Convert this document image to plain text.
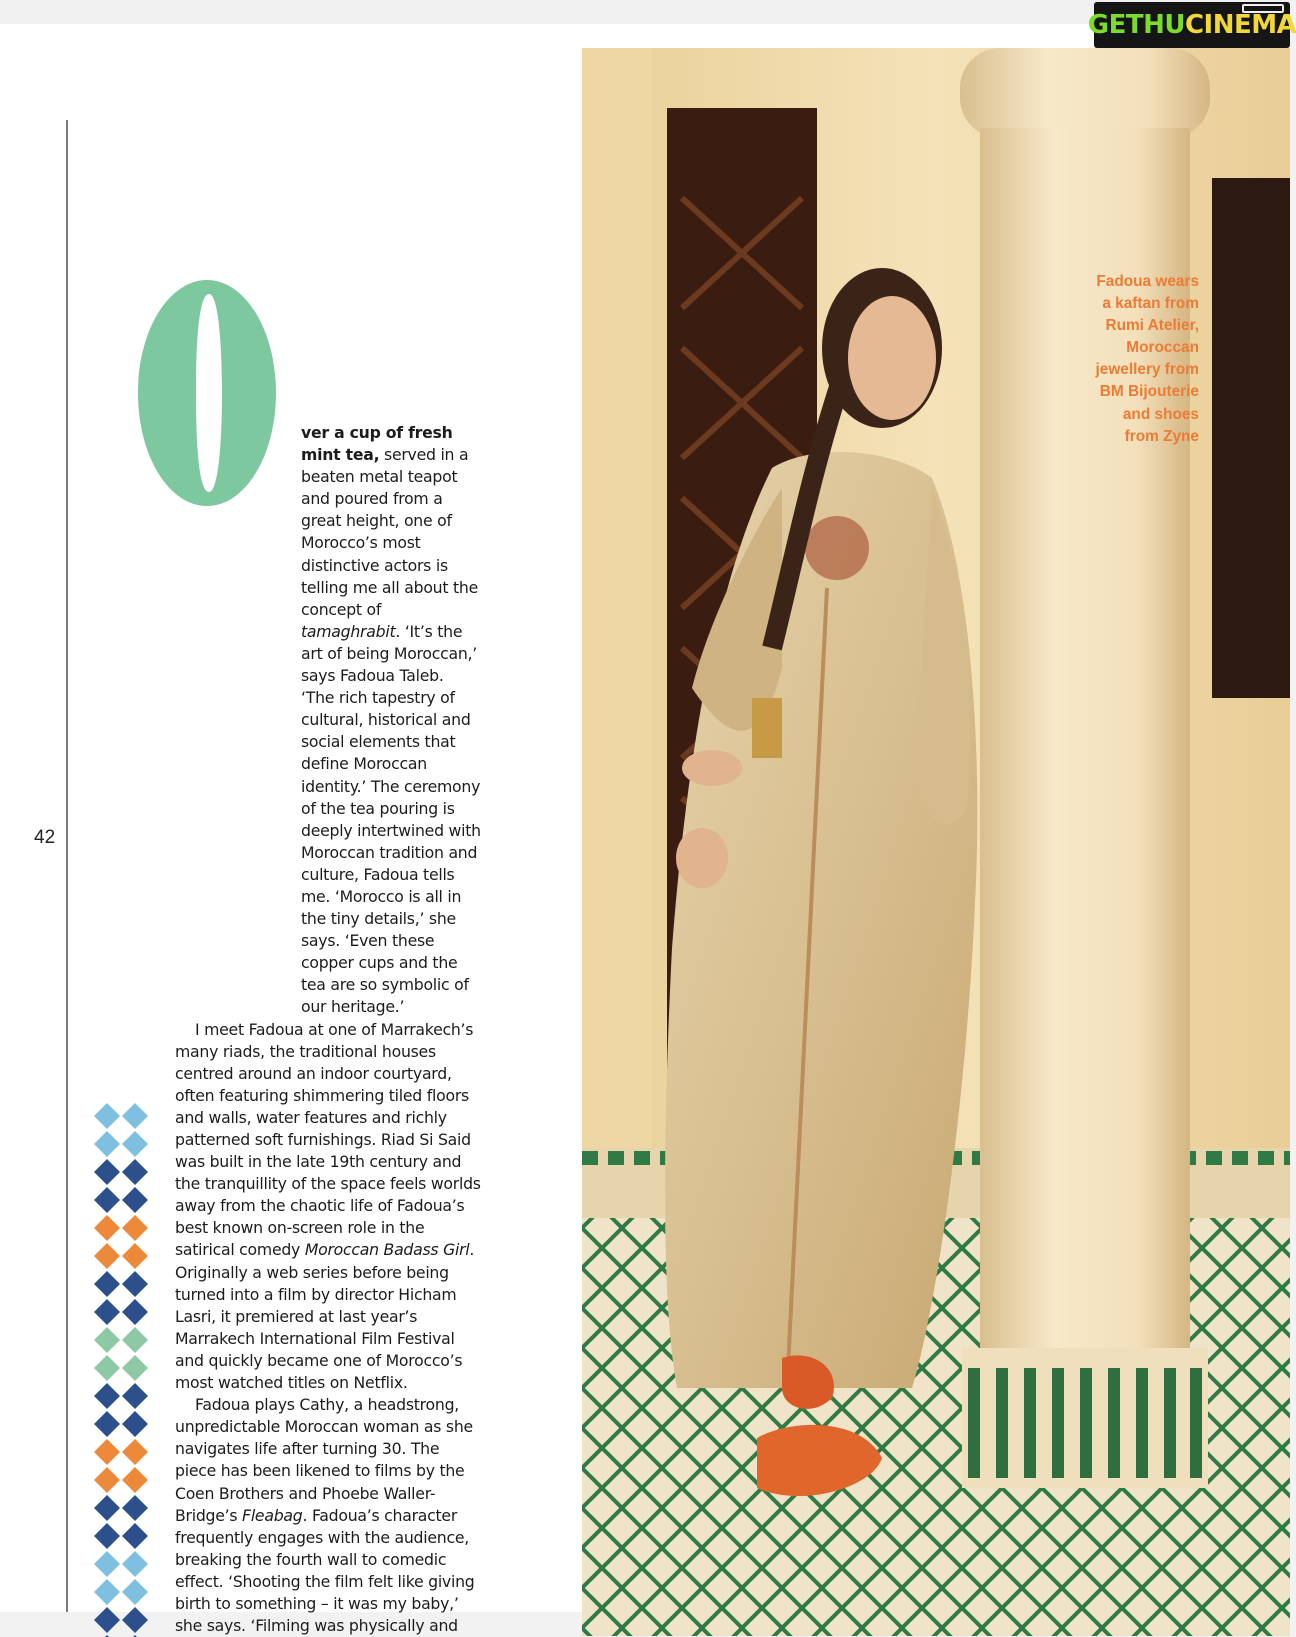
42

ver a cup of fresh mint tea, served in a beaten metal teapot and poured from a great height, one of Morocco’s most distinctive actors is telling me all about the concept of tamaghrabit. ‘It’s the art of being Moroccan,’ says Fadoua Taleb. ‘The rich tapestry of cultural, historical and social elements that define Moroccan identity.’ The ceremony of the tea pouring is deeply intertwined with Moroccan tradition and culture, Fadoua tells me. ‘Morocco is all in the tiny details,’ she says. ‘Even these copper cups and the tea are so symbolic of our heritage.’

I meet Fadoua at one of Marrakech’s many riads, the traditional houses centred around an indoor courtyard, often featuring shimmering tiled floors and walls, water features and richly patterned soft furnishings. Riad Si Said was built in the late 19th century and the tranquillity of the space feels worlds away from the chaotic life of Fadoua’s best known on-screen role in the satirical comedy Moroccan Badass Girl. Originally a web series before being turned into a film by director Hicham Lasri, it premiered at last year’s Marrakech International Film Festival and quickly became one of Morocco’s most watched titles on Netflix.

Fadoua plays Cathy, a headstrong, unpredictable Moroccan woman as she navigates life after turning 30. The piece has been likened to films by the Coen Brothers and Phoebe Waller-Bridge’s Fleabag. Fadoua’s character frequently engages with the audience, breaking the fourth wall to comedic effect. ‘Shooting the film felt like giving birth to something – it was my baby,’ she says. ‘Filming was physically and

Fadoua wears
a kaftan from
Rumi Atelier,
Moroccan
jewellery from
BM Bijouterie
and shoes
from Zyne
GETHU CINEMA
